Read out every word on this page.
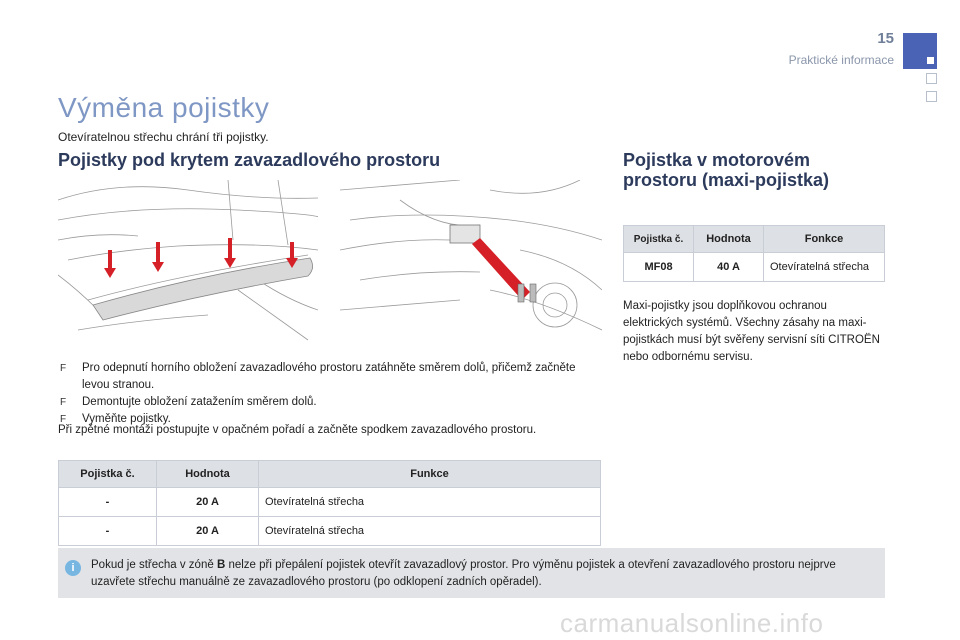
15
Praktické informace
Výměna pojistky
Otevíratelnou střechu chrání tři pojistky.
Pojistky pod krytem zavazadlového prostoru	Pojistka v motorovém prostoru (maxi-pojistka)
F Pro odepnutí horního obložení zavazadlového prostoru zatáhněte směrem dolů, přičemž začněte levou stranou.
F Demontujte obložení zatažením směrem dolů.
F Vyměňte pojistky.
Při zpětné montáži postupujte v opačném pořadí a začněte spodkem zavazadlového prostoru.
Pojistka č.	Hodnota	Funkce
-	20 A	Otevíratelná střecha
-	20 A	Otevíratelná střecha
Pojistka č.	Hodnota	Fonkce
MF08	40 A	Otevíratelná střecha
Maxi-pojistky jsou doplňkovou ochranou elektrických systémů. Všechny zásahy na maxi-pojistkách musí být svěřeny servisní síti CITROËN nebo odbornému servisu.
i	Pokud je střecha v zóně B nelze při přepálení pojistek otevřít zavazadlový prostor. Pro výměnu pojistek a otevření zavazadlového prostoru nejprve uzavřete střechu manuálně ze zavazadlového prostoru (po odklopení zadních opěradel).
carmanualsonline.info
